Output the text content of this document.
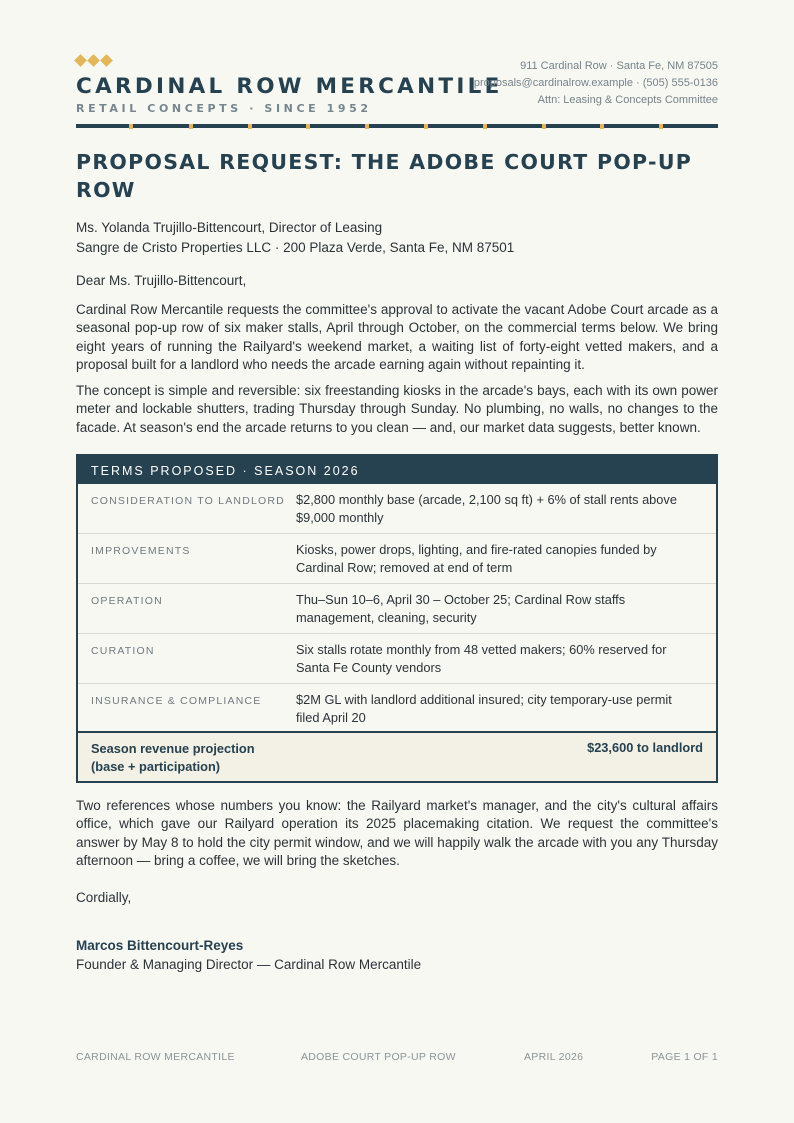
CARDINAL ROW MERCANTILE
RETAIL CONCEPTS · SINCE 1952
911 Cardinal Row · Santa Fe, NM 87505
proposals@cardinalrow.example · (505) 555-0136
Attn: Leasing & Concepts Committee
PROPOSAL REQUEST: THE ADOBE COURT POP-UP ROW
Ms. Yolanda Trujillo-Bittencourt, Director of Leasing
Sangre de Cristo Properties LLC · 200 Plaza Verde, Santa Fe, NM 87501
Dear Ms. Trujillo-Bittencourt,

Cardinal Row Mercantile requests the committee's approval to activate the vacant Adobe Court arcade as a seasonal pop-up row of six maker stalls, April through October, on the commercial terms below. We bring eight years of running the Railyard's weekend market, a waiting list of forty-eight vetted makers, and a proposal built for a landlord who needs the arcade earning again without repainting it.

The concept is simple and reversible: six freestanding kiosks in the arcade's bays, each with its own power meter and lockable shutters, trading Thursday through Sunday. No plumbing, no walls, no changes to the facade. At season's end the arcade returns to you clean — and, our market data suggests, better known.

TERMS PROPOSED · SEASON 2026
CONSIDERATION TO LANDLORD $2,800 monthly base (arcade, 2,100 sq ft) + 6% of stall rents above $9,000 monthly
IMPROVEMENTS	Kiosks, power drops, lighting, and fire-rated canopies funded by Cardinal Row; removed at end of term
OPERATION	Thu–Sun 10–6, April 30 – October 25; Cardinal Row staffs management, cleaning, security
CURATION	Six stalls rotate monthly from 48 vetted makers; 60% reserved for Santa Fe County vendors
INSURANCE & COMPLIANCE	$2M GL with landlord additional insured; city temporary-use permit filed April 20
Season revenue projection
(base + participation)
$23,600 to landlord

Two references whose numbers you know: the Railyard market's manager, and the city's cultural affairs office, which gave our Railyard operation its 2025 placemaking citation. We request the committee's answer by May 8 to hold the city permit window, and we will happily walk the arcade with you any Thursday afternoon — bring a coffee, we will bring the sketches.

Cordially,
Marcos Bittencourt-Reyes
Founder & Managing Director — Cardinal Row Mercantile
CARDINAL ROW MERCANTILE	ADOBE COURT POP-UP ROW	APRIL 2026	PAGE 1 OF 1
